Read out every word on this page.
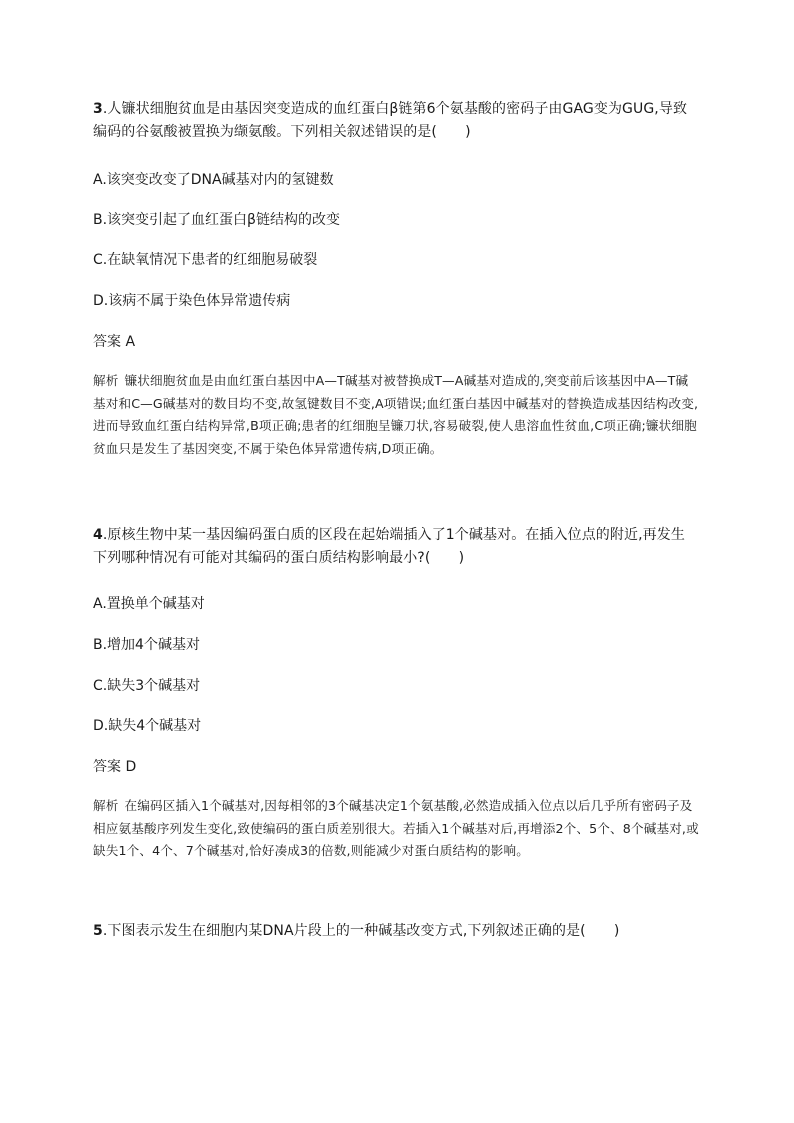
3.人镰状细胞贫血是由基因突变造成的血红蛋白β链第6个氨基酸的密码子由GAG变为GUG,导致编码的谷氨酸被置换为缬氨酸。下列相关叙述错误的是(　　)
A.该突变改变了DNA碱基对内的氢键数
B.该突变引起了血红蛋白β链结构的改变
C.在缺氧情况下患者的红细胞易破裂
D.该病不属于染色体异常遗传病
答案 A
解析 镰状细胞贫血是由血红蛋白基因中A—T碱基对被替换成T—A碱基对造成的,突变前后该基因中A—T碱基对和C—G碱基对的数目均不变,故氢键数目不变,A项错误;血红蛋白基因中碱基对的替换造成基因结构改变,进而导致血红蛋白结构异常,B项正确;患者的红细胞呈镰刀状,容易破裂,使人患溶血性贫血,C项正确;镰状细胞贫血只是发生了基因突变,不属于染色体异常遗传病,D项正确。
4.原核生物中某一基因编码蛋白质的区段在起始端插入了1个碱基对。在插入位点的附近,再发生下列哪种情况有可能对其编码的蛋白质结构影响最小?(　　)
A.置换单个碱基对
B.增加4个碱基对
C.缺失3个碱基对
D.缺失4个碱基对
答案 D
解析 在编码区插入1个碱基对,因每相邻的3个碱基决定1个氨基酸,必然造成插入位点以后几乎所有密码子及相应氨基酸序列发生变化,致使编码的蛋白质差别很大。若插入1个碱基对后,再增添2个、5个、8个碱基对,或缺失1个、4个、7个碱基对,恰好凑成3的倍数,则能减少对蛋白质结构的影响。
5.下图表示发生在细胞内某DNA片段上的一种碱基改变方式,下列叙述正确的是(　　)
